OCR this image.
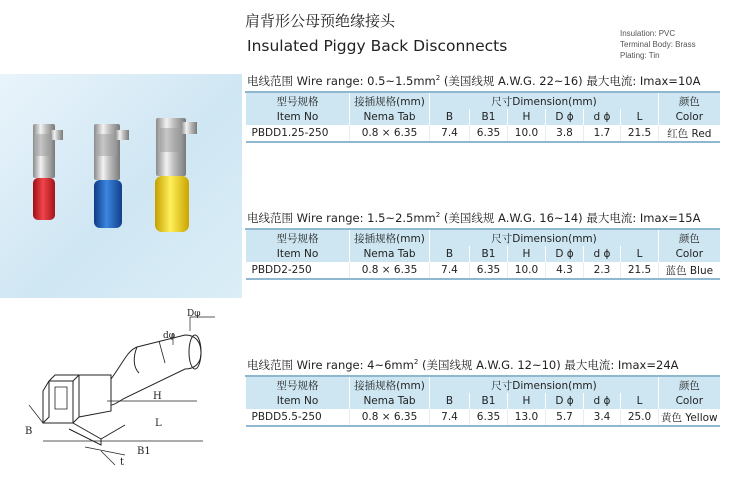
肩背形公母预绝缘接头
Insulated Piggy Back Disconnects
Insulation: PVC
Terminal Body: Brass
Plating: Tin
Dφ
dφ
H
L
B
B1
t
电线范围 Wire range: $0.5\sim 1.5mm^2$ (美国线规 A.W.G. 22~16) 最大电流: Imax=10A
型号规格	接插规格(mm)	尺寸Dimension(mm)						颜色
Item No	Nema Tab	B	B1	H	D ϕ	d ϕ	L	Color
PBDD1.25-250	0.8 × 6.35	7.4	6.35	10.0	3.8	1.7	21.5	红色 Red
电线范围 Wire range: $1.5\sim 2.5mm^2$ (美国线规 A.W.G. 16~14) 最大电流: Imax=15A
型号规格	接插规格(mm)	尺寸Dimension(mm)						颜色
Item No	Nema Tab	B	B1	H	D ϕ	d ϕ	L	Color
PBDD2-250	0.8 × 6.35	7.4	6.35	10.0	4.3	2.3	21.5	蓝色 Blue
电线范围 Wire range: $4\sim 6mm^2$ (美国线规 A.W.G. 12~10) 最大电流: Imax=24A
型号规格	接插规格(mm)	尺寸Dimension(mm)						颜色
Item No	Nema Tab	B	B1	H	D ϕ	d ϕ	L	Color
PBDD5.5-250	0.8 × 6.35	7.4	6.35	13.0	5.7	3.4	25.0	黄色 Yellow
